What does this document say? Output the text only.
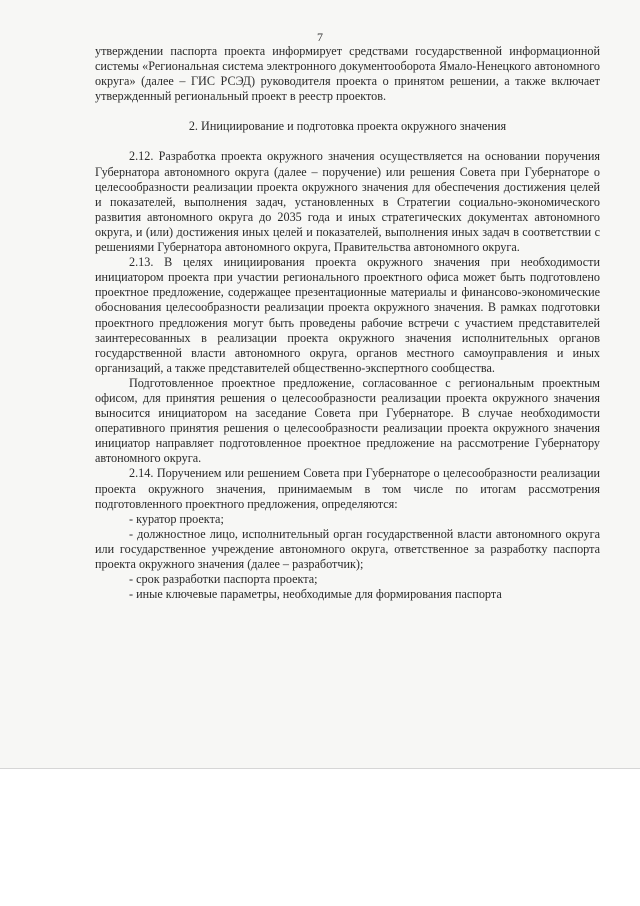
7

утверждении паспорта проекта информирует средствами государственной информационной системы «Региональная система электронного документооборота Ямало-Ненецкого автономного округа» (далее – ГИС РСЭД) руководителя проекта о принятом решении, а также включает утвержденный региональный проект в реестр проектов.

2. Инициирование и подготовка проекта окружного значения

2.12. Разработка проекта окружного значения осуществляется на основании поручения Губернатора автономного округа (далее – поручение) или решения Совета при Губернаторе о целесообразности реализации проекта окружного значения для обеспечения достижения целей и показателей, выполнения задач, установленных в Стратегии социально-экономического развития автономного округа до 2035 года и иных стратегических документах автономного округа, и (или) достижения иных целей и показателей, выполнения иных задач в соответствии с решениями Губернатора автономного округа, Правительства автономного округа.

2.13. В целях инициирования проекта окружного значения при необходимости инициатором проекта при участии регионального проектного офиса может быть подготовлено проектное предложение, содержащее презентационные материалы и финансово-экономические обоснования целесообразности реализации проекта окружного значения. В рамках подготовки проектного предложения могут быть проведены рабочие встречи с участием представителей заинтересованных в реализации проекта окружного значения исполнительных органов государственной власти автономного округа, органов местного самоуправления и иных организаций, а также представителей общественно-экспертного сообщества.

Подготовленное проектное предложение, согласованное с региональным проектным офисом, для принятия решения о целесообразности реализации проекта окружного значения выносится инициатором на заседание Совета при Губернаторе. В случае необходимости оперативного принятия решения о целесообразности реализации проекта окружного значения инициатор направляет подготовленное проектное предложение на рассмотрение Губернатору автономного округа.

2.14. Поручением или решением Совета при Губернаторе о целесообразности реализации проекта окружного значения, принимаемым в том числе по итогам рассмотрения подготовленного проектного предложения, определяются:

- куратор проекта;

- должностное лицо, исполнительный орган государственной власти автономного округа или государственное учреждение автономного округа, ответственное за разработку паспорта проекта окружного значения (далее – разработчик);

- срок разработки паспорта проекта;

- иные ключевые параметры, необходимые для формирования паспорта
